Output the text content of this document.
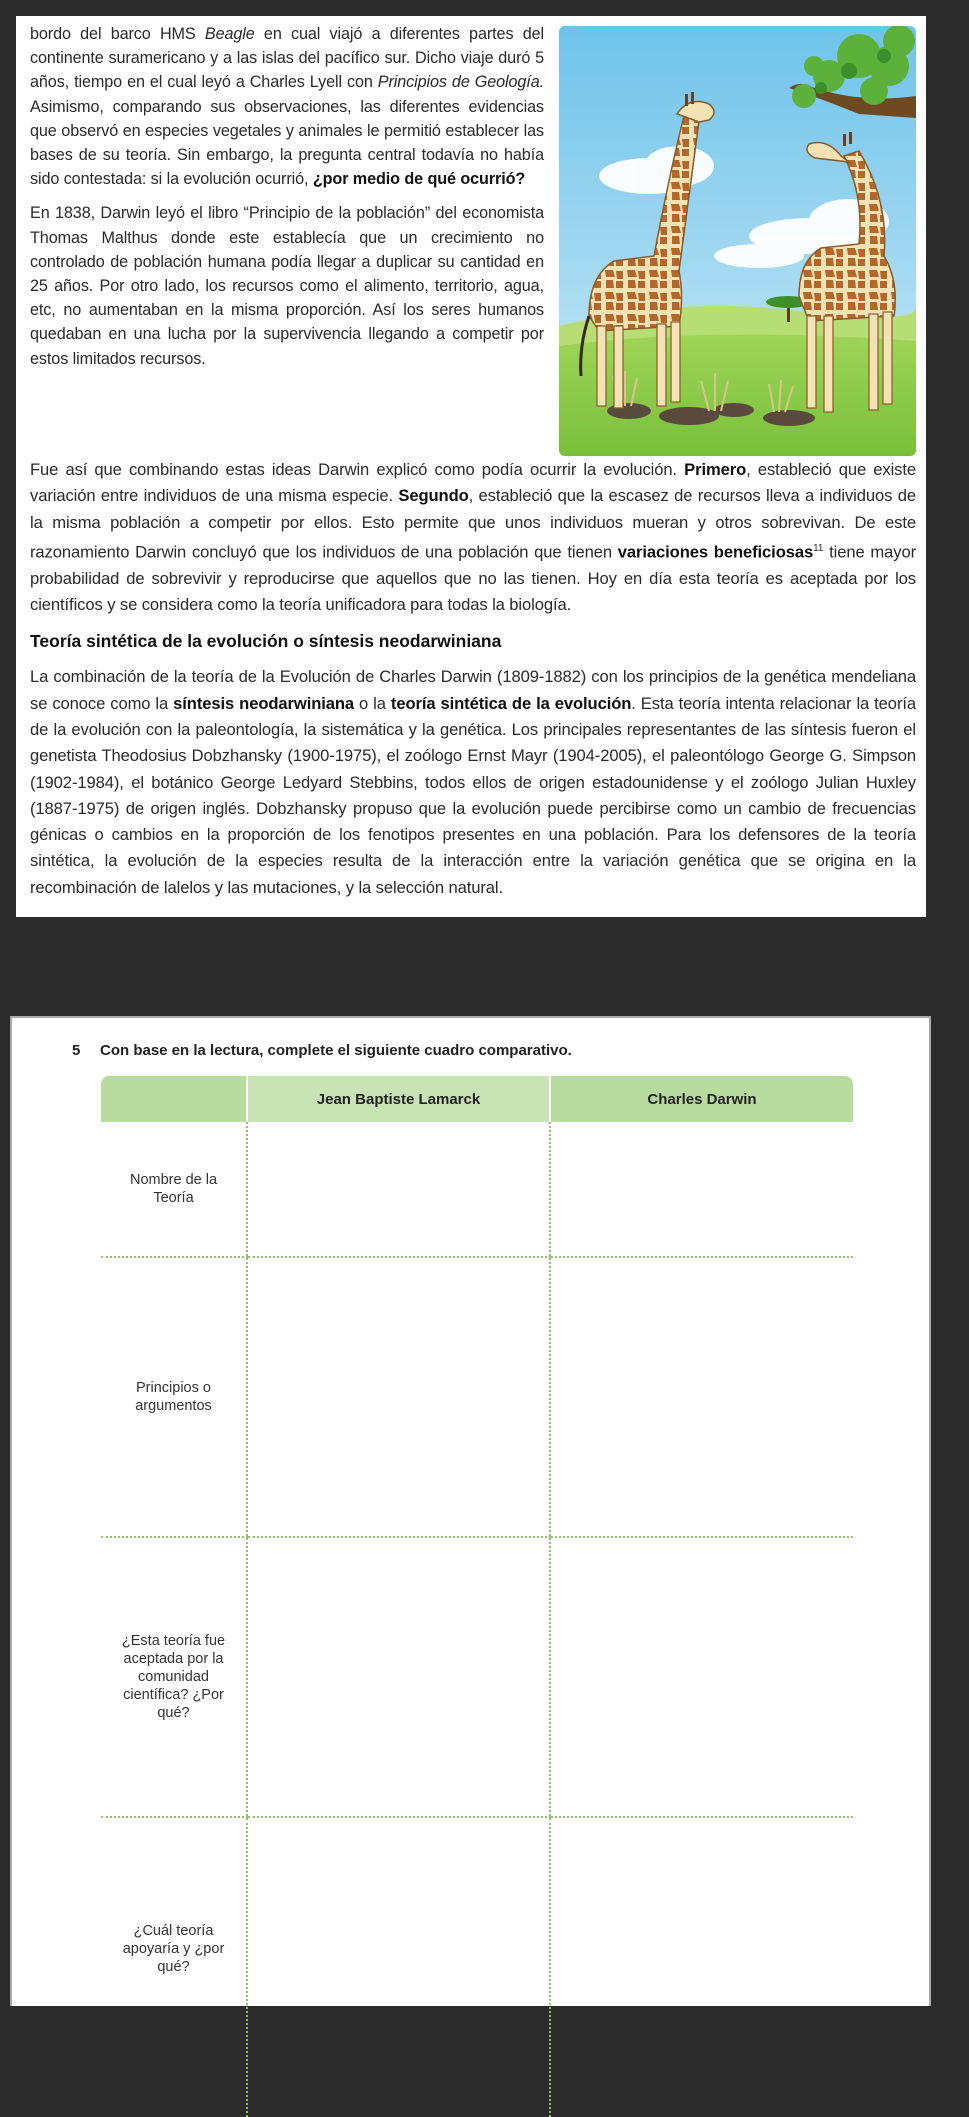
bordo del barco HMS Beagle en cual viajó a diferentes partes del continente suramericano y a las islas del pacífico sur. Dicho viaje duró 5 años, tiempo en el cual leyó a Charles Lyell con Principios de Geología. Asimismo, comparando sus observaciones, las diferentes evidencias que observó en especies vegetales y animales le permitió establecer las bases de su teoría. Sin embargo, la pregunta central todavía no había sido contestada: si la evolución ocurrió, ¿por medio de qué ocurrió?

En 1838, Darwin leyó el libro “Principio de la población” del economista Thomas Malthus donde este establecía que un crecimiento no controlado de población humana podía llegar a duplicar su cantidad en 25 años. Por otro lado, los recursos como el alimento, territorio, agua, etc, no aumentaban en la misma proporción. Así los seres humanos quedaban en una lucha por la supervivencia llegando a competir por estos limitados recursos.

Fue así que combinando estas ideas Darwin explicó como podía ocurrir la evolución. Primero, estableció que existe variación entre individuos de una misma especie. Segundo, estableció que la escasez de recursos lleva a individuos de la misma población a competir por ellos. Esto permite que unos individuos mueran y otros sobrevivan. De este razonamiento Darwin concluyó que los individuos de una población que tienen variaciones beneficiosas$^{11}$ tiene mayor probabilidad de sobrevivir y reproducirse que aquellos que no las tienen. Hoy en día esta teoría es aceptada por los científicos y se considera como la teoría unificadora para todas la biología.

Teoría sintética de la evolución o síntesis neodarwiniana

La combinación de la teoría de la Evolución de Charles Darwin (1809-1882) con los principios de la genética mendeliana se conoce como la síntesis neodarwiniana o la teoría sintética de la evolución. Esta teoría intenta relacionar la teoría de la evolución con la paleontología, la sistemática y la genética. Los principales representantes de las síntesis fueron el genetista Theodosius Dobzhansky (1900-1975), el zoólogo Ernst Mayr (1904-2005), el paleontólogo George G. Simpson (1902-1984), el botánico George Ledyard Stebbins, todos ellos de origen estadounidense y el zoólogo Julian Huxley (1887-1975) de origen inglés. Dobzhansky propuso que la evolución puede percibirse como un cambio de frecuencias génicas o cambios en la proporción de los fenotipos presentes en una población. Para los defensores de la teoría sintética, la evolución de la especies resulta de la interacción entre la variación genética que se origina en la recombinación de lalelos y las mutaciones, y la selección natural.

5 Con base en la lectura, complete el siguiente cuadro comparativo.
	Jean Baptiste Lamarck	Charles Darwin
Nombre de la Teoría		
Principios o argumentos		
¿Esta teoría fue aceptada por la comunidad científica? ¿Por qué?		
¿Cuál teoría apoyaría y ¿por qué?		
